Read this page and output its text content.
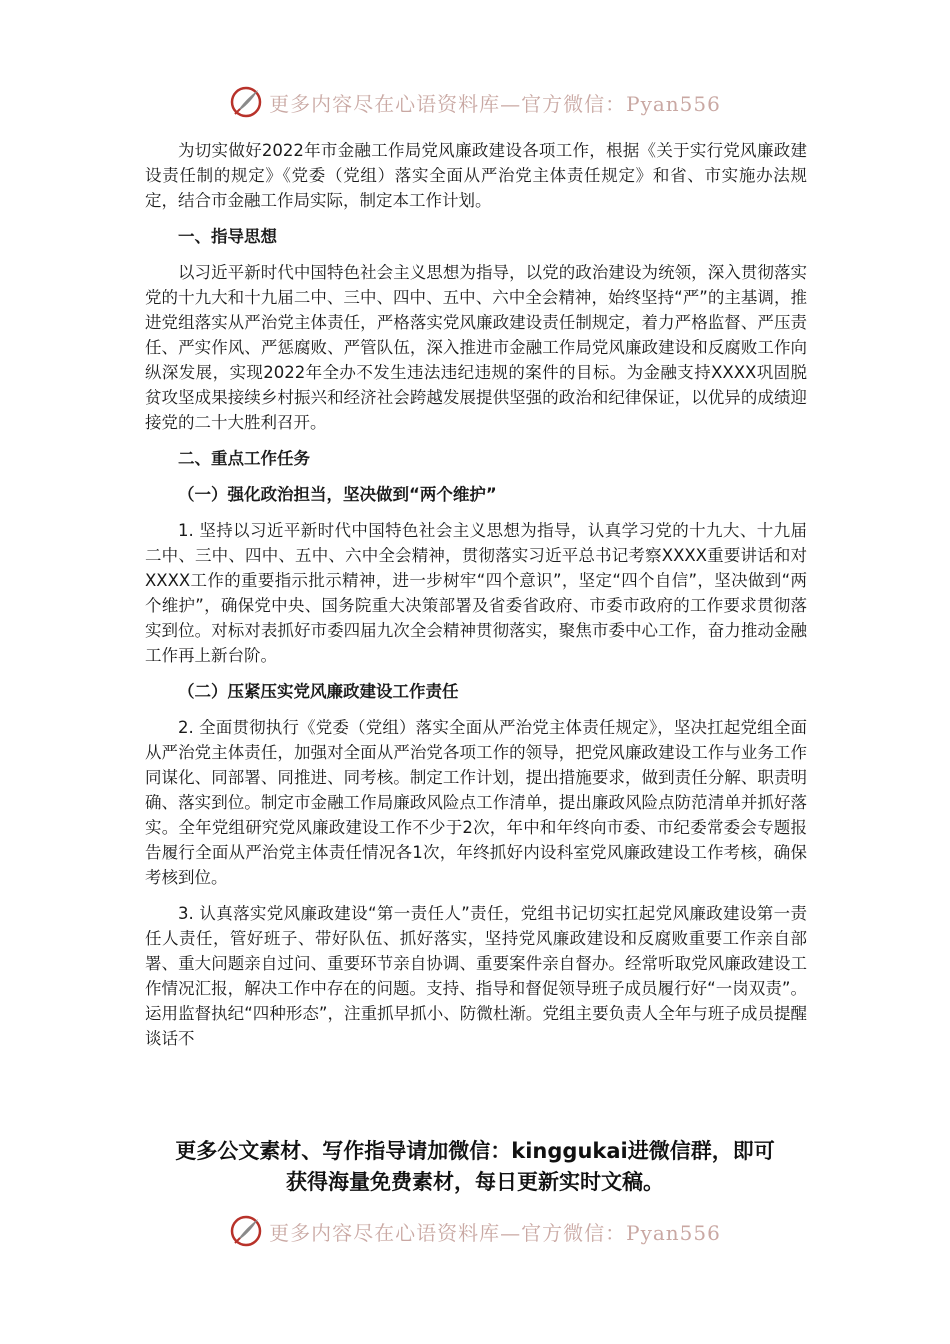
更多内容尽在心语资料库—官方微信：Pyan556

为切实做好2022年市金融工作局党风廉政建设各项工作，根据《关于实行党风廉政建设责任制的规定》《党委（党组）落实全面从严治党主体责任规定》和省、市实施办法规定，结合市金融工作局实际，制定本工作计划。

一、指导思想

以习近平新时代中国特色社会主义思想为指导，以党的政治建设为统领，深入贯彻落实党的十九大和十九届二中、三中、四中、五中、六中全会精神，始终坚持“严”的主基调，推进党组落实从严治党主体责任，严格落实党风廉政建设责任制规定，着力严格监督、严压责任、严实作风、严惩腐败、严管队伍，深入推进市金融工作局党风廉政建设和反腐败工作向纵深发展，实现2022年全办不发生违法违纪违规的案件的目标。为金融支持XXXX巩固脱贫攻坚成果接续乡村振兴和经济社会跨越发展提供坚强的政治和纪律保证，以优异的成绩迎接党的二十大胜利召开。

二、重点工作任务
（一）强化政治担当，坚决做到“两个维护”

1. 坚持以习近平新时代中国特色社会主义思想为指导，认真学习党的十九大、十九届二中、三中、四中、五中、六中全会精神，贯彻落实习近平总书记考察XXXX重要讲话和对XXXX工作的重要指示批示精神，进一步树牢“四个意识”，坚定“四个自信”，坚决做到“两个维护”，确保党中央、国务院重大决策部署及省委省政府、市委市政府的工作要求贯彻落实到位。对标对表抓好市委四届九次全会精神贯彻落实，聚焦市委中心工作，奋力推动金融工作再上新台阶。

（二）压紧压实党风廉政建设工作责任

2. 全面贯彻执行《党委（党组）落实全面从严治党主体责任规定》，坚决扛起党组全面从严治党主体责任，加强对全面从严治党各项工作的领导，把党风廉政建设工作与业务工作同谋化、同部署、同推进、同考核。制定工作计划，提出措施要求，做到责任分解、职责明确、落实到位。制定市金融工作局廉政风险点工作清单，提出廉政风险点防范清单并抓好落实。全年党组研究党风廉政建设工作不少于2次，年中和年终向市委、市纪委常委会专题报告履行全面从严治党主体责任情况各1次，年终抓好内设科室党风廉政建设工作考核，确保考核到位。

3. 认真落实党风廉政建设“第一责任人”责任，党组书记切实扛起党风廉政建设第一责任人责任，管好班子、带好队伍、抓好落实，坚持党风廉政建设和反腐败重要工作亲自部署、重大问题亲自过问、重要环节亲自协调、重要案件亲自督办。经常听取党风廉政建设工作情况汇报，解决工作中存在的问题。支持、指导和督促领导班子成员履行好“一岗双责”。运用监督执纪“四种形态”，注重抓早抓小、防微杜渐。党组主要负责人全年与班子成员提醒谈话不

更多公文素材、写作指导请加微信：kinggukai进微信群，即可
获得海量免费素材，每日更新实时文稿。
更多内容尽在心语资料库—官方微信：Pyan556
